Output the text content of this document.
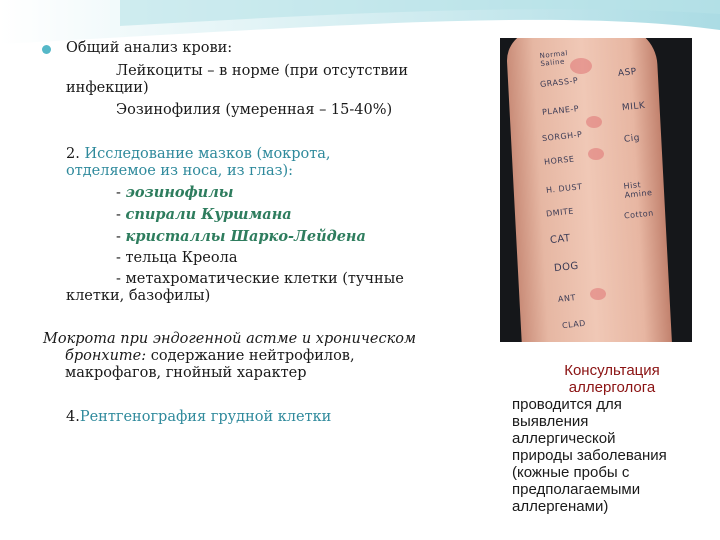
Общий анализ крови:
Лейкоциты – в норме (при отсутствии
инфекции)
Эозинофилия (умеренная – 15-40%)
2. Исследование мазков (мокрота,
отделяемое из носа, из глаз):
- эозинофилы
- спирали Куршмана
- кристаллы Шарко-Лейдена
- тельца Креола
- метахроматические клетки (тучные
клетки, базофилы)
Мокрота при эндогенной астме и хроническом
бронхите: содержание нейтрофилов,
макрофагов, гнойный характер
4.Рентгенография грудной клетки
Normal Saline
GRASS-P
PLANE-P
SORGH-P
HORSE
H. DUST
DMITE
CAT
DOG
ANT
CLAD
ASP
MILK
Cig
Hist Amine
Cotton
Консультация
аллерголога
проводится для
выявления
аллергической
природы заболевания
(кожные пробы с
предполагаемыми
аллергенами)
